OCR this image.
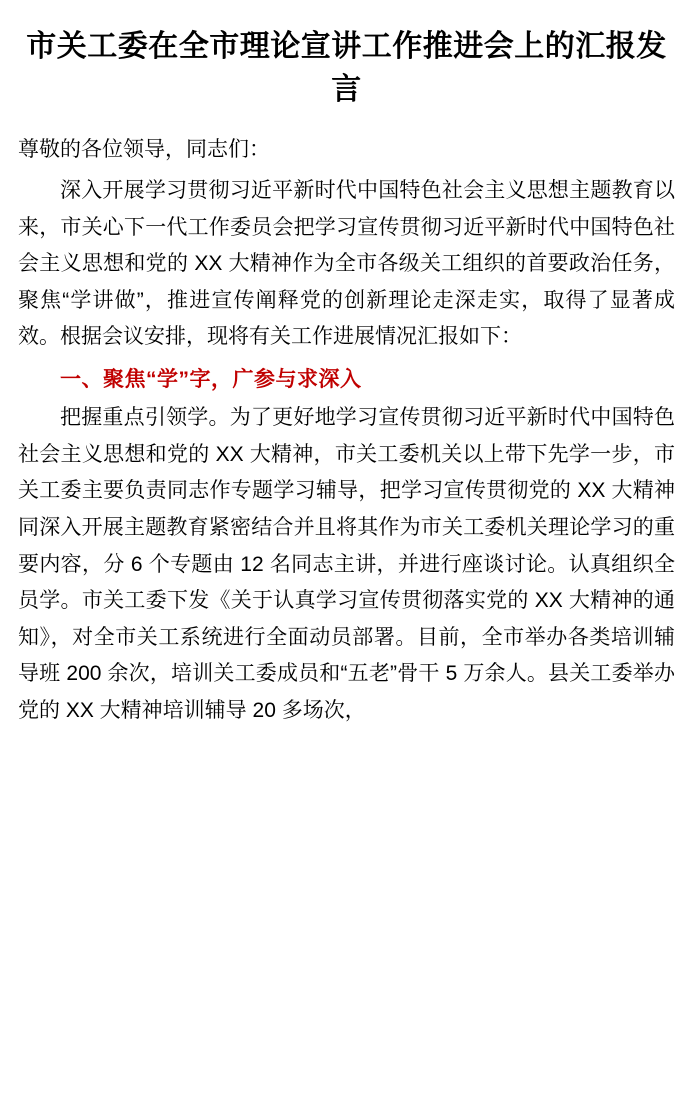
市关工委在全市理论宣讲工作推进会上的汇报发言

尊敬的各位领导，同志们：

深入开展学习贯彻习近平新时代中国特色社会主义思想主题教育以来，市关心下一代工作委员会把学习宣传贯彻习近平新时代中国特色社会主义思想和党的 XX 大精神作为全市各级关工组织的首要政治任务，聚焦“学讲做”，推进宣传阐释党的创新理论走深走实，取得了显著成效。根据会议安排，现将有关工作进展情况汇报如下：

一、聚焦“学”字，广参与求深入

把握重点引领学。为了更好地学习宣传贯彻习近平新时代中国特色社会主义思想和党的 XX 大精神，市关工委机关以上带下先学一步，市关工委主要负责同志作专题学习辅导，把学习宣传贯彻党的 XX 大精神同深入开展主题教育紧密结合并且将其作为市关工委机关理论学习的重要内容，分 6 个专题由 12 名同志主讲，并进行座谈讨论。认真组织全员学。市关工委下发《关于认真学习宣传贯彻落实党的 XX 大精神的通知》，对全市关工系统进行全面动员部署。目前，全市举办各类培训辅导班 200 余次，培训关工委成员和“五老”骨干 5 万余人。县关工委举办党的 XX 大精神培训辅导 20 多场次，
